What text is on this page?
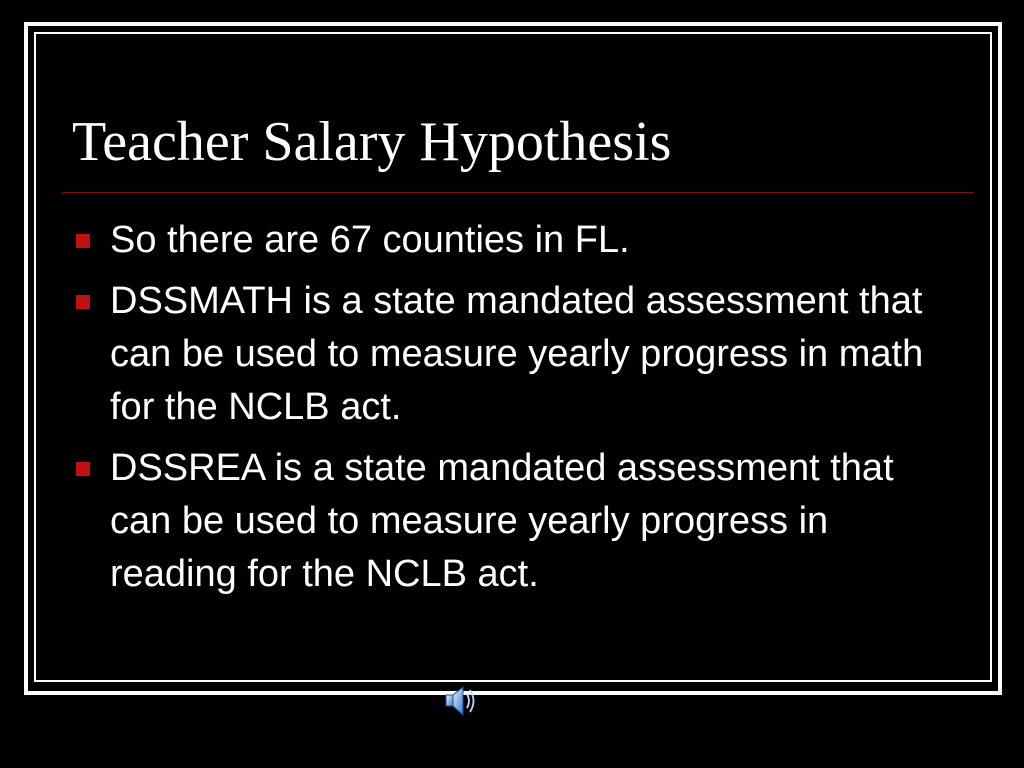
Teacher Salary Hypothesis
So there are 67 counties in FL.
DSSMATH is a state mandated assessment that can be used to measure yearly progress in math for the NCLB act.
DSSREA is a state mandated assessment that can be used to measure yearly progress in reading for the NCLB act.
